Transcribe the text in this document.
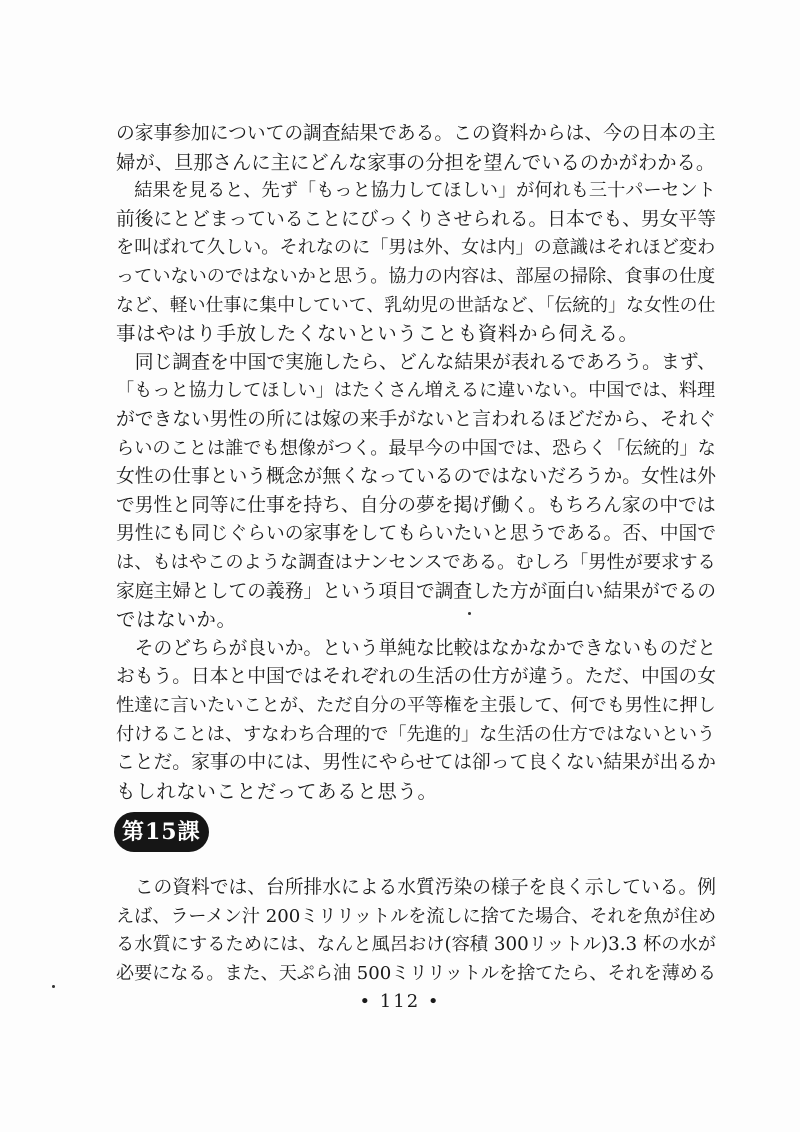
の家事参加についての調査結果である。この資料からは、今の日本の主
婦が、旦那さんに主にどんな家事の分担を望んでいるのかがわかる。
　結果を見ると、先ず「もっと協力してほしい」が何れも三十パーセント
前後にとどまっていることにびっくりさせられる。日本でも、男女平等
を叫ばれて久しい。それなのに「男は外、女は内」の意識はそれほど変わ
っていないのではないかと思う。協力の内容は、部屋の掃除、食事の仕度
など、軽い仕事に集中していて、乳幼児の世話など、「伝統的」な女性の仕
事はやはり手放したくないということも資料から伺える。
　同じ調査を中国で実施したら、どんな結果が表れるであろう。まず、
「もっと協力してほしい」はたくさん増えるに違いない。中国では、料理
ができない男性の所には嫁の来手がないと言われるほどだから、それぐ
らいのことは誰でも想像がつく。最早今の中国では、恐らく「伝統的」な
女性の仕事という概念が無くなっているのではないだろうか。女性は外
で男性と同等に仕事を持ち、自分の夢を掲げ働く。もちろん家の中では
男性にも同じぐらいの家事をしてもらいたいと思うである。否、中国で
は、もはやこのような調査はナンセンスである。むしろ「男性が要求する
家庭主婦としての義務」という項目で調査した方が面白い結果がでるの
ではないか。
　そのどちらが良いか。という単純な比較はなかなかできないものだと
おもう。日本と中国ではそれぞれの生活の仕方が違う。ただ、中国の女
性達に言いたいことが、ただ自分の平等権を主張して、何でも男性に押し
付けることは、すなわち合理的で「先進的」な生活の仕方ではないという
ことだ。家事の中には、男性にやらせては卻って良くない結果が出るか
もしれないことだってあると思う。
第15課
　この資料では、台所排水による水質汚染の様子を良く示している。例
えば、ラーメン汁 200ミリリットルを流しに捨てた場合、それを魚が住め
る水質にするためには、なんと風呂おけ(容積 300リットル)3.3 杯の水が
必要になる。また、天ぷら油 500ミリリットルを捨てたら、それを薄める
• 112 •
